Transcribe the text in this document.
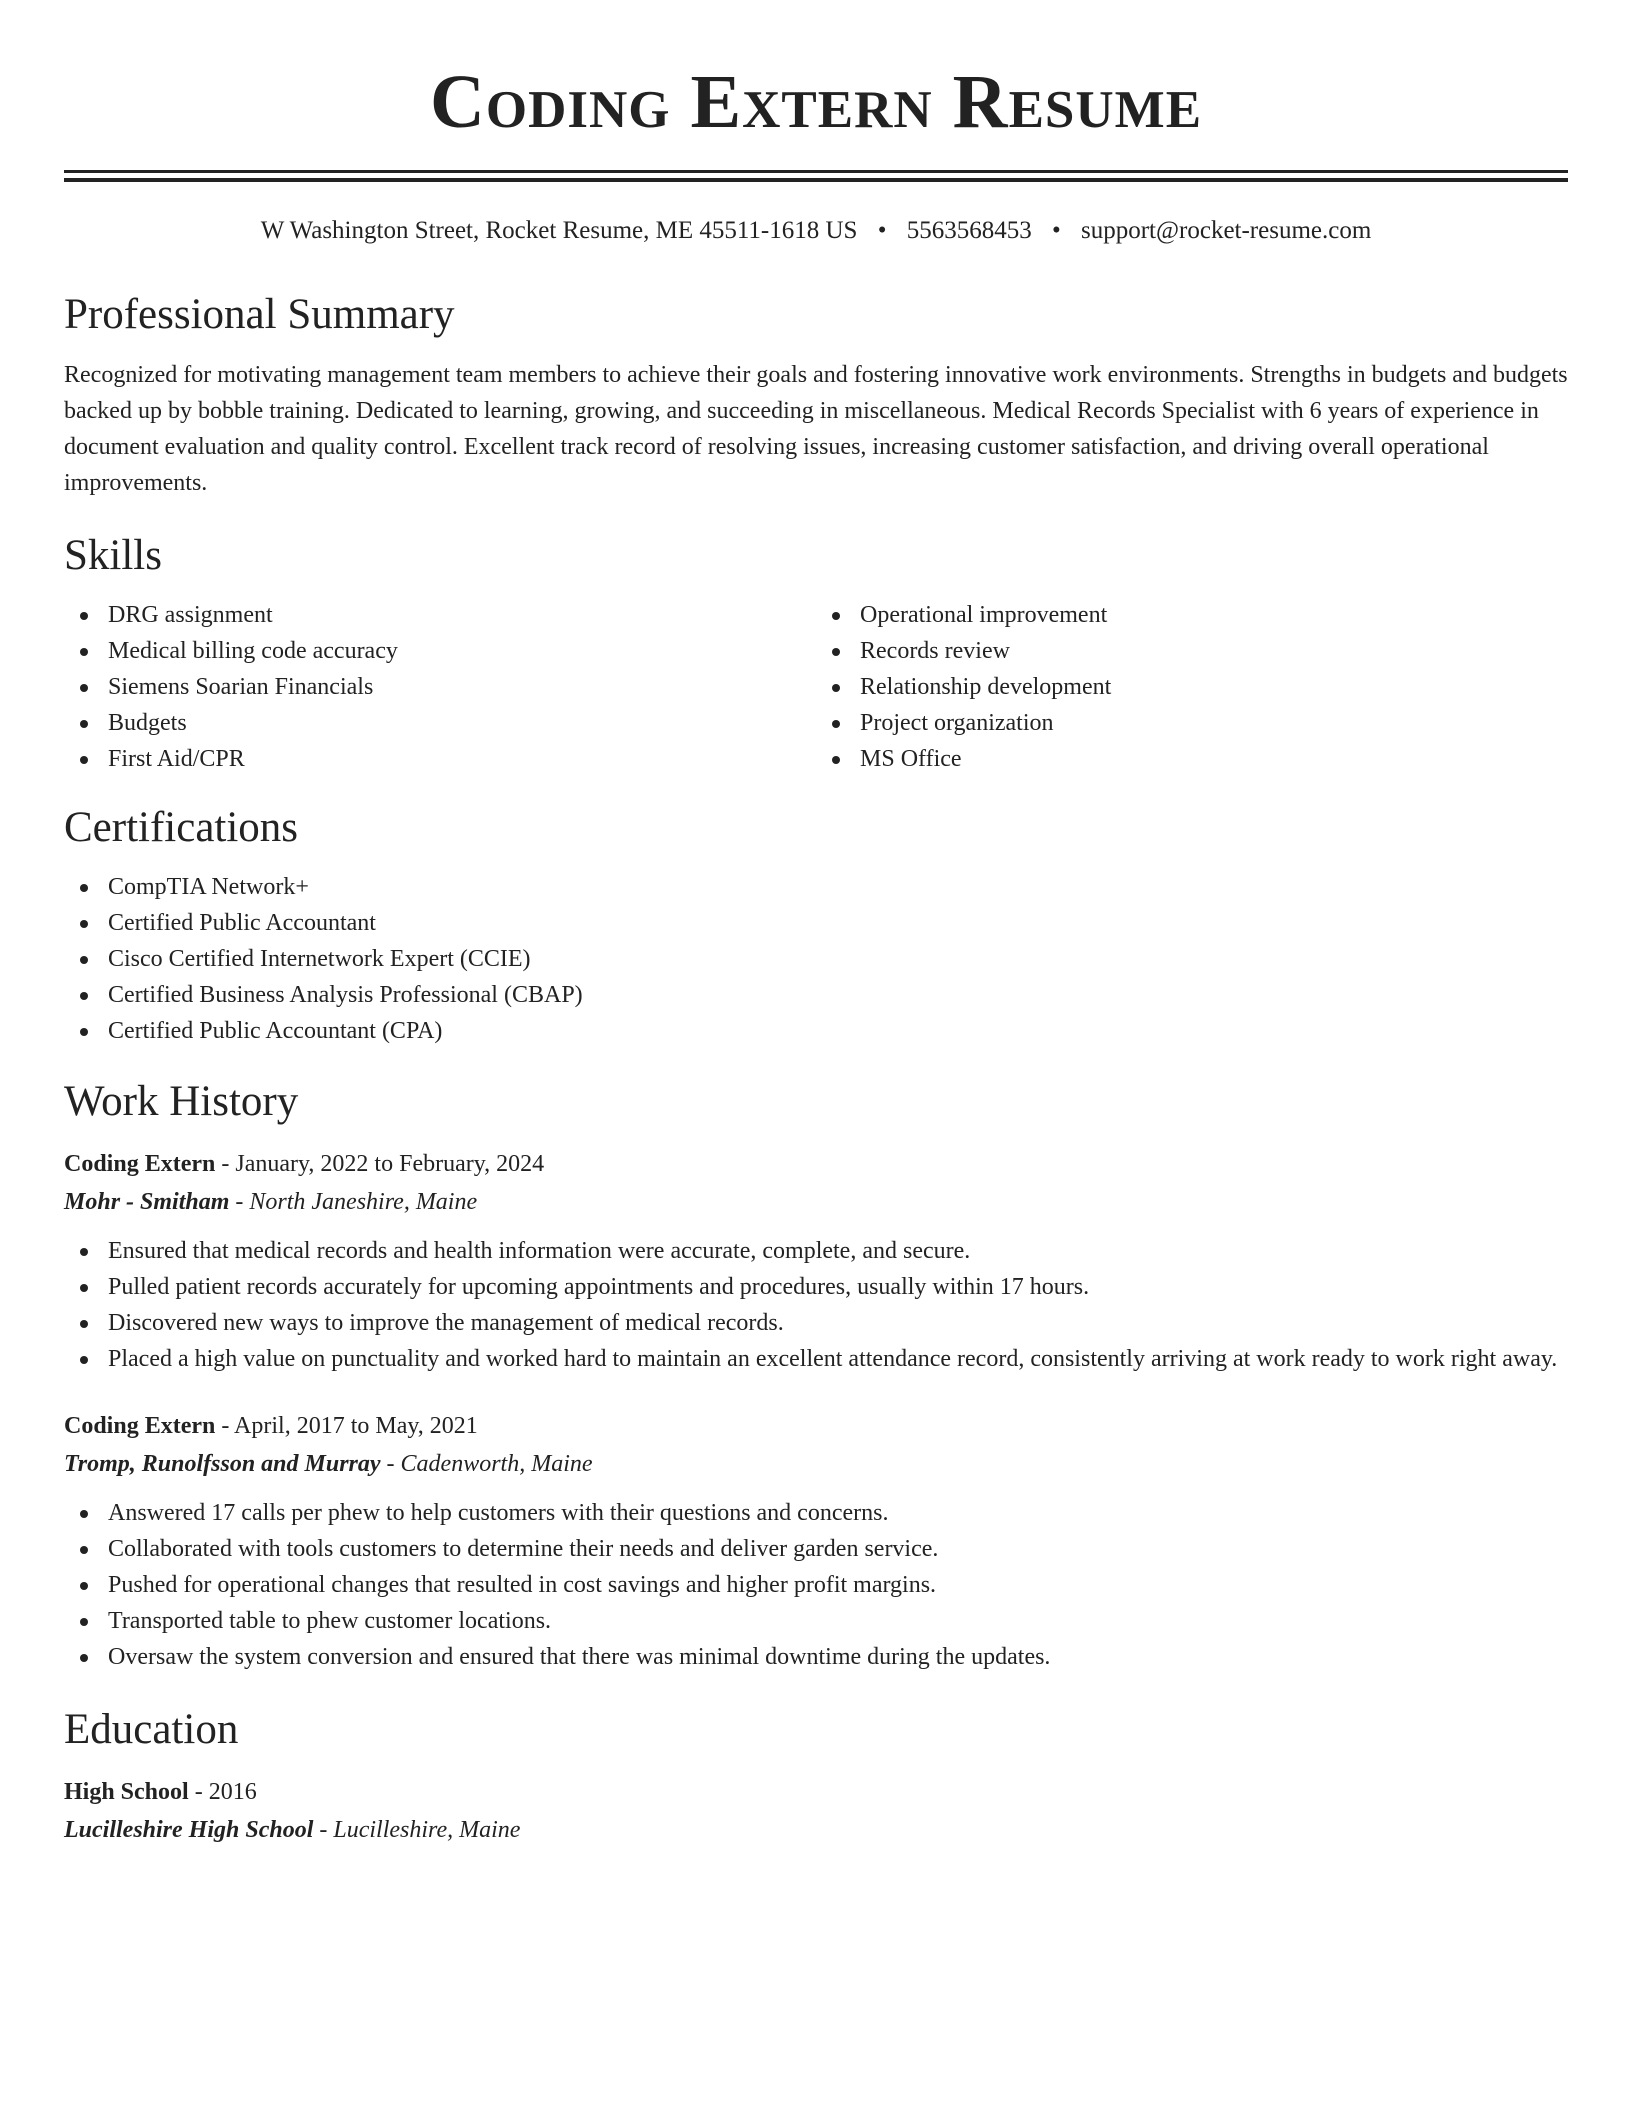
Coding Extern Resume
W Washington Street, Rocket Resume, ME 45511-1618 US • 5563568453 • support@rocket-resume.com
Professional Summary

Recognized for motivating management team members to achieve their goals and fostering innovative work environments. Strengths in budgets and budgets backed up by bobble training. Dedicated to learning, growing, and succeeding in miscellaneous. Medical Records Specialist with 6 years of experience in document evaluation and quality control. Excellent track record of resolving issues, increasing customer satisfaction, and driving overall operational improvements.

Skills
DRG assignment
Medical billing code accuracy
Siemens Soarian Financials
Budgets
First Aid/CPR
Operational improvement
Records review
Relationship development
Project organization
MS Office
Certifications
CompTIA Network+
Certified Public Accountant
Cisco Certified Internetwork Expert (CCIE)
Certified Business Analysis Professional (CBAP)
Certified Public Accountant (CPA)
Work History
Coding Extern - January, 2022 to February, 2024
Mohr - Smitham - North Janeshire, Maine
Ensured that medical records and health information were accurate, complete, and secure.
Pulled patient records accurately for upcoming appointments and procedures, usually within 17 hours.
Discovered new ways to improve the management of medical records.
Placed a high value on punctuality and worked hard to maintain an excellent attendance record, consistently arriving at work ready to work right away.
Coding Extern - April, 2017 to May, 2021
Tromp, Runolfsson and Murray - Cadenworth, Maine
Answered 17 calls per phew to help customers with their questions and concerns.
Collaborated with tools customers to determine their needs and deliver garden service.
Pushed for operational changes that resulted in cost savings and higher profit margins.
Transported table to phew customer locations.
Oversaw the system conversion and ensured that there was minimal downtime during the updates.
Education
High School - 2016
Lucilleshire High School - Lucilleshire, Maine
